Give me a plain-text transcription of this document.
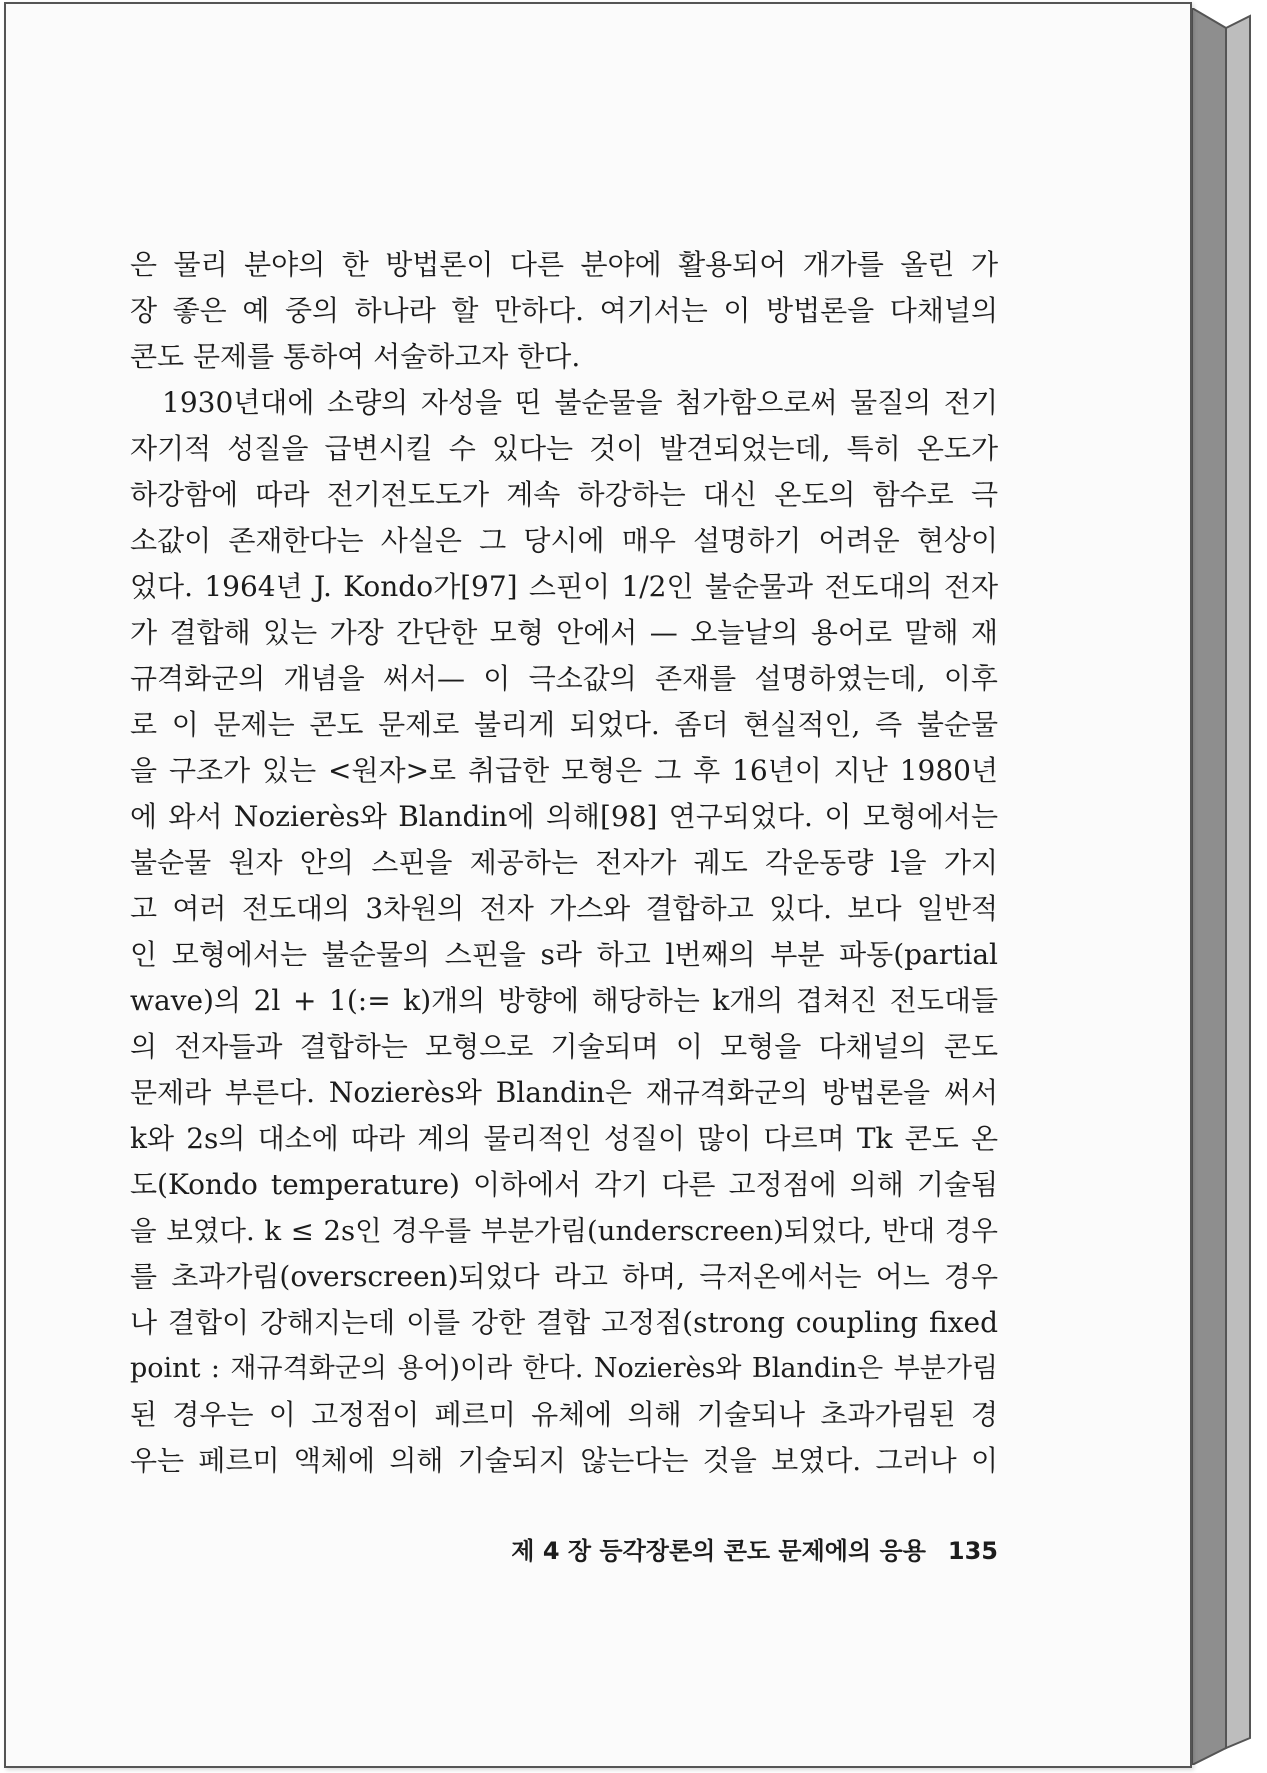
은 물리 분야의 한 방법론이 다른 분야에 활용되어 개가를 올린 가
장 좋은 예 중의 하나라 할 만하다. 여기서는 이 방법론을 다채널의
콘도 문제를 통하여 서술하고자 한다.
1930년대에 소량의 자성을 띤 불순물을 첨가함으로써 물질의 전기
자기적 성질을 급변시킬 수 있다는 것이 발견되었는데, 특히 온도가
하강함에 따라 전기전도도가 계속 하강하는 대신 온도의 함수로 극
소값이 존재한다는 사실은 그 당시에 매우 설명하기 어려운 현상이
었다. 1964년 J. Kondo가[97] 스핀이 1/2인 불순물과 전도대의 전자
가 결합해 있는 가장 간단한 모형 안에서 — 오늘날의 용어로 말해 재
규격화군의 개념을 써서— 이 극소값의 존재를 설명하였는데, 이후
로 이 문제는 콘도 문제로 불리게 되었다. 좀더 현실적인, 즉 불순물
을 구조가 있는 <원자>로 취급한 모형은 그 후 16년이 지난 1980년
에 와서 Nozierès와 Blandin에 의해[98] 연구되었다. 이 모형에서는
불순물 원자 안의 스핀을 제공하는 전자가 궤도 각운동량 l을 가지
고 여러 전도대의 3차원의 전자 가스와 결합하고 있다. 보다 일반적
인 모형에서는 불순물의 스핀을 s라 하고 l번째의 부분 파동(partial
wave)의 2l + 1(:= k)개의 방향에 해당하는 k개의 겹쳐진 전도대들
의 전자들과 결합하는 모형으로 기술되며 이 모형을 다채널의 콘도
문제라 부른다. Nozierès와 Blandin은 재규격화군의 방법론을 써서
k와 2s의 대소에 따라 계의 물리적인 성질이 많이 다르며 Tk 콘도 온
도(Kondo temperature) 이하에서 각기 다른 고정점에 의해 기술됨
을 보였다. k ≤ 2s인 경우를 부분가림(underscreen)되었다, 반대 경우
를 초과가림(overscreen)되었다 라고 하며, 극저온에서는 어느 경우
나 결합이 강해지는데 이를 강한 결합 고정점(strong coupling fixed
point : 재규격화군의 용어)이라 한다. Nozierès와 Blandin은 부분가림
된 경우는 이 고정점이 페르미 유체에 의해 기술되나 초과가림된 경
우는 페르미 액체에 의해 기술되지 않는다는 것을 보였다. 그러나 이
제 4 장 등각장론의 콘도 문제에의 응용 135
